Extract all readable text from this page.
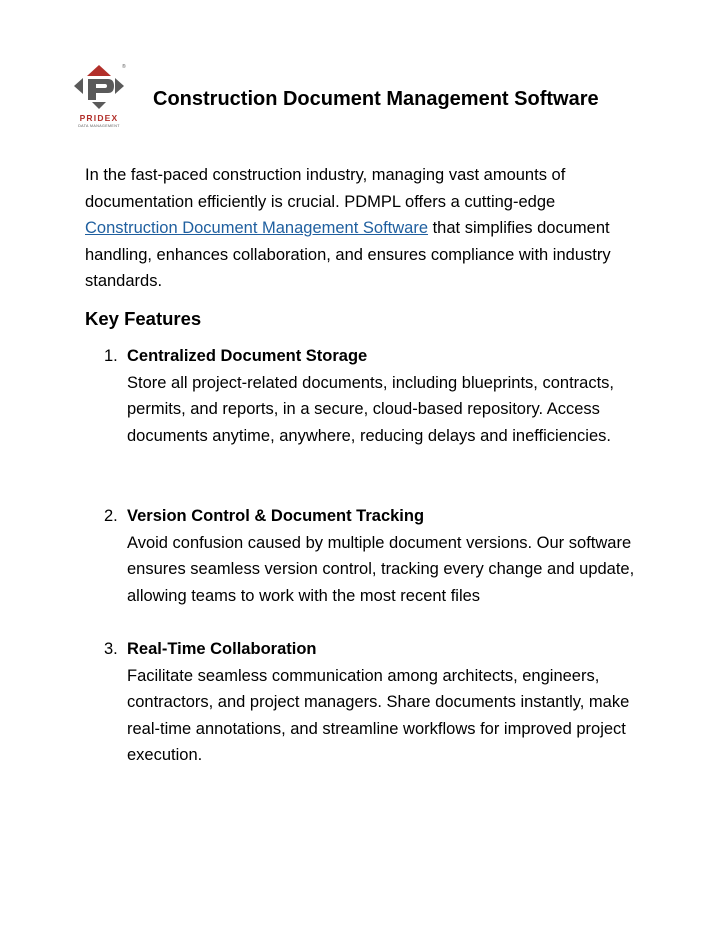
®
PRIDEX
DATA MANAGEMENT
Construction Document Management Software

In the fast-paced construction industry, managing vast amounts of documentation efficiently is crucial. PDMPL offers a cutting-edge Construction Document Management Software that simplifies document handling, enhances collaboration, and ensures compliance with industry standards.

Key Features
1. Centralized Document Storage
Store all project-related documents, including blueprints, contracts, permits, and reports, in a secure, cloud-based repository. Access documents anytime, anywhere, reducing delays and inefficiencies.
2. Version Control & Document Tracking
Avoid confusion caused by multiple document versions. Our software ensures seamless version control, tracking every change and update, allowing teams to work with the most recent files
3. Real-Time Collaboration
Facilitate seamless communication among architects, engineers, contractors, and project managers. Share documents instantly, make real-time annotations, and streamline workflows for improved project execution.
